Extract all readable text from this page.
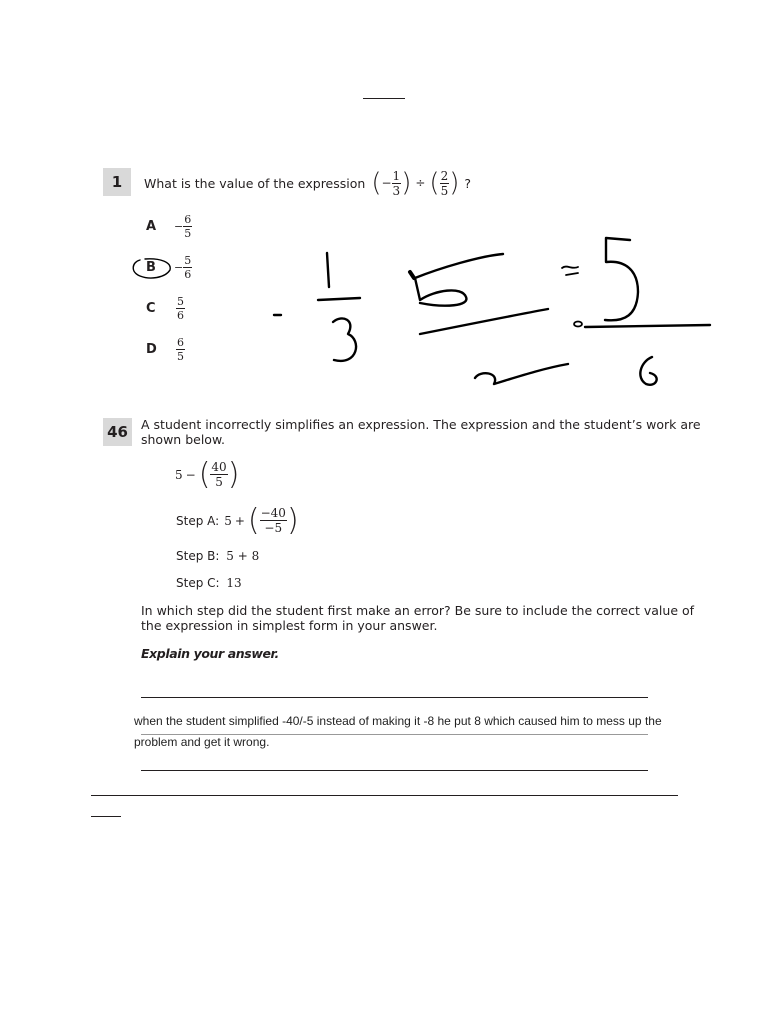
1	What is the value of the expression ( − $\frac{1}{3}$ ) ÷ ( $\frac{2}{5}$ ) ?
A	− $\frac{6}{5}$
B	− $\frac{5}{6}$
C	$\frac{5}{6}$
D	$\frac{6}{5}$
46	A student incorrectly simplifies an expression. The expression and the student’s work are
shown below.
5 − ( $\frac{40}{5}$ )
Step A: 5 + ( $\frac{-40}{-5}$ )
Step B: 5 + 8
Step C: 13
In which step did the student first make an error? Be sure to include the correct value of
the expression in simplest form in your answer.
Explain your answer.
when the student simplified -40/-5 instead of making it -8 he put 8 which caused him to mess up the
problem and get it wrong.
